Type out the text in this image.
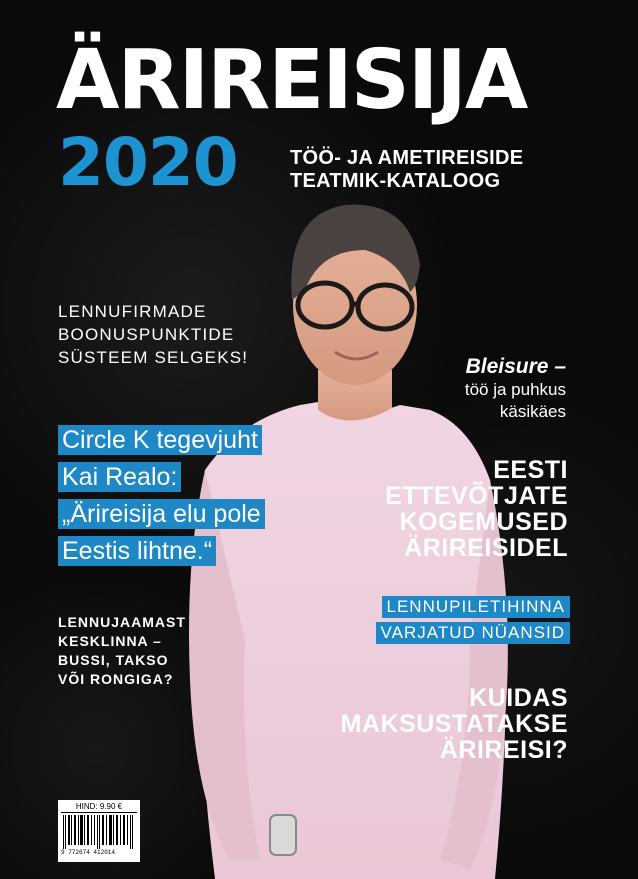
ÄRIREISIJA
2020	TÖÖ- JA AMETIREISIDE
TEATMIK-KATALOOG
LENNUFIRMADE
BOONUSPUNKTIDE
SÜSTEEM SELGEKS!	Bleisure –
töö ja puhkus
käsikäes
Circle K tegevjuht
Kai Realo:
„Ärireisija elu pole
Eestis lihtne.“
EESTI
ETTEVÕTJATE
KOGEMUSED
ÄRIREISIDEL
LENNUPILETIHINNA
VARJATUD NÜANSID
LENNUJAAMAST
KESKLINNA –
BUSSI, TAKSO
VÕI RONGIGA?
KUIDAS
MAKSUSTATAKSE
ÄRIREISI?
HIND: 9.90 €
9 772674 412014
